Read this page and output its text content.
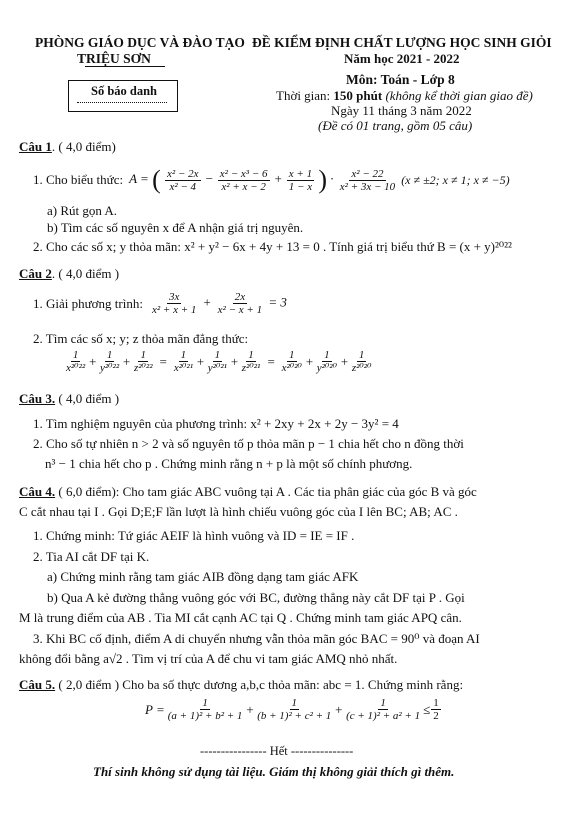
PHÒNG GIÁO DỤC VÀ ĐÀO TẠO
TRIỆU SƠN
Số báo danh
ĐỀ KIỂM ĐỊNH CHẤT LƯỢNG HỌC SINH GIỎI
Năm học 2021 - 2022
Môn: Toán - Lớp 8
Thời gian: 150 phút (không kể thời gian giao đề)
Ngày 11 tháng 3 năm 2022
(Đề có 01 trang, gồm 05 câu)
Câu 1. ( 4,0 điểm)
1. Cho biểu thức: A = ( $\frac{\text{x² − 2x}}{\text{x² − 4}} - \frac{\text{x² − x³ − 6}}{\text{x² + x − 2}} + \frac{x + 1}{1 - x}$ ) · $\frac{\text{x² − 22}}{\text{x² + 3x − 10}} (x \ne \pm 2$; x ≠ 1; x ≠ −5)
a) Rút gọn A.
b) Tìm các số nguyên x để A nhận giá trị nguyên.
2. Cho các số x; y thỏa mãn: x² + y² − 6x + 4y + 13 = 0 . Tính giá trị biểu thứ B = (x + y)²⁰²²
Câu 2. ( 4,0 điểm )
1. Giải phương trình: $\frac{3x}{\text{x² + x + 1}} + \frac{2x}{\text{x² − x + 1}} = 3$
2. Tìm các số x; y; z thỏa mãn đẳng thức:
$\frac{1}{\text{x²⁰²²}} + \frac{1}{\text{y²⁰²²}} + \frac{1}{\text{z²⁰²²}} = \frac{1}{\text{x²⁰²¹}} + \frac{1}{\text{y²⁰²¹}} + \frac{1}{\text{z²⁰²¹}} = \frac{1}{\text{x²⁰²⁰}} + \frac{1}{\text{y²⁰²⁰}} + \frac{1}{\text{z²⁰²⁰}}$
Câu 3. ( 4,0 điểm )
1. Tìm nghiệm nguyên của phương trình: x² + 2xy + 2x + 2y − 3y² = 4
2. Cho số tự nhiên n > 2 và số nguyên tố p thỏa mãn p − 1 chia hết cho n đồng thời
n³ − 1 chia hết cho p . Chứng minh rằng n + p là một số chính phương.
Câu 4. ( 6,0 điểm): Cho tam giác ABC vuông tại A . Các tia phân giác của góc B và góc
C cắt nhau tại I . Gọi D;E;F lần lượt là hình chiếu vuông góc của I lên BC; AB; AC .
1. Chứng minh: Tứ giác AEIF là hình vuông và ID = IE = IF .
2. Tia AI cắt DF tại K.
a) Chứng minh rằng tam giác AIB đồng dạng tam giác AFK
b) Qua A kẻ đường thẳng vuông góc với BC, đường thẳng này cắt DF tại P . Gọi
M là trung điểm của AB . Tia MI cắt cạnh AC tại Q . Chứng minh tam giác APQ cân.
3. Khi BC cố định, điểm A di chuyển nhưng vẫn thỏa mãn góc BAC = 90⁰ và đoạn AI
không đổi bằng a√2 . Tìm vị trí của A để chu vi tam giác AMQ nhỏ nhất.
Câu 5. ( 2,0 điểm ) Cho ba số thực dương a,b,c thỏa mãn: abc = 1. Chứng minh rằng:
$P = \frac{1}{\text{(a + 1)² + b² + 1}} + \frac{1}{\text{(b + 1)² + c² + 1}} + \frac{1}{\text{(c + 1)² + a² + 1}} \le \frac{1}{2}$
---------------- Hết ---------------
Thí sinh không sử dụng tài liệu. Giám thị không giải thích gì thêm.
